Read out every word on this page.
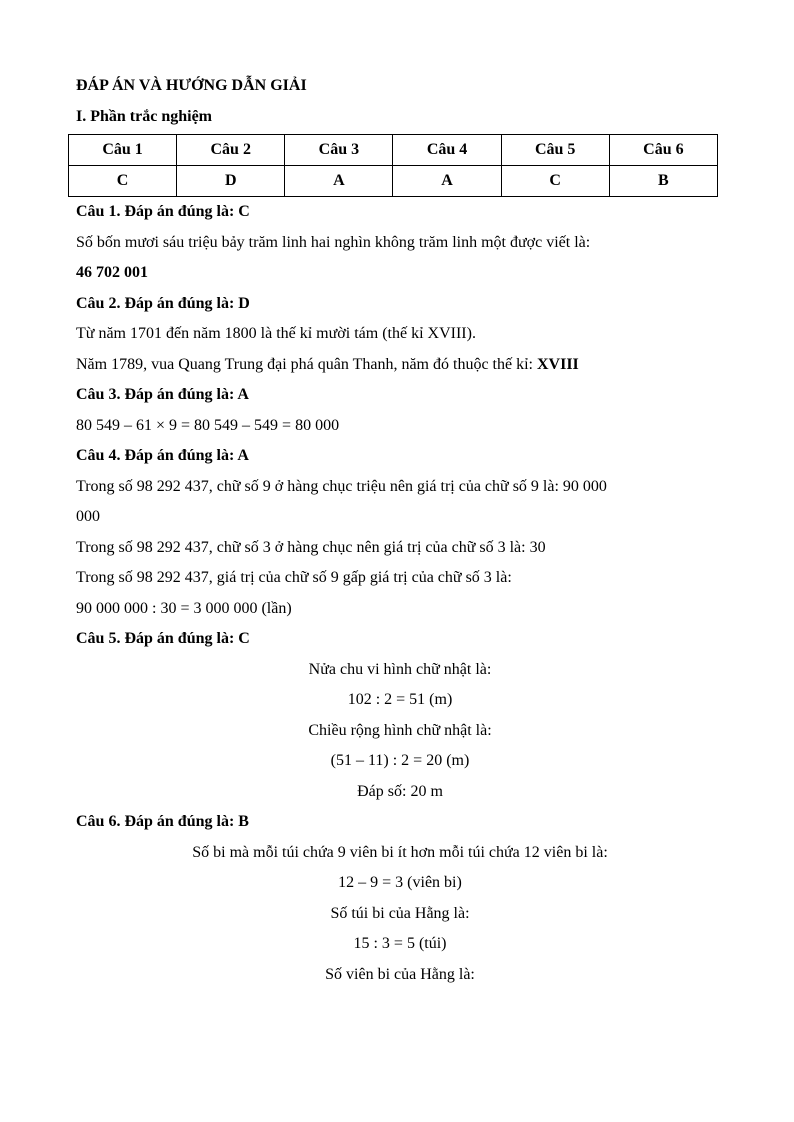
ĐÁP ÁN VÀ HƯỚNG DẪN GIẢI
I. Phần trắc nghiệm
Câu 1	Câu 2	Câu 3	Câu 4	Câu 5	Câu 6
C	D	A	A	C	B
Câu 1. Đáp án đúng là: C
Số bốn mươi sáu triệu bảy trăm linh hai nghìn không trăm linh một được viết là:
46 702 001
Câu 2. Đáp án đúng là: D
Từ năm 1701 đến năm 1800 là thế kỉ mười tám (thế kỉ XVIII).
Năm 1789, vua Quang Trung đại phá quân Thanh, năm đó thuộc thế kỉ: XVIII
Câu 3. Đáp án đúng là: A
80 549 – 61 × 9 = 80 549 – 549 = 80 000
Câu 4. Đáp án đúng là: A
Trong số 98 292 437, chữ số 9 ở hàng chục triệu nên giá trị của chữ số 9 là: 90 000
000
Trong số 98 292 437, chữ số 3 ở hàng chục nên giá trị của chữ số 3 là: 30
Trong số 98 292 437, giá trị của chữ số 9 gấp giá trị của chữ số 3 là:
90 000 000 : 30 = 3 000 000 (lần)
Câu 5. Đáp án đúng là: C
Nửa chu vi hình chữ nhật là:
102 : 2 = 51 (m)
Chiều rộng hình chữ nhật là:
(51 – 11) : 2 = 20 (m)
Đáp số: 20 m
Câu 6. Đáp án đúng là: B
Số bi mà mỗi túi chứa 9 viên bi ít hơn mỗi túi chứa 12 viên bi là:
12 – 9 = 3 (viên bi)
Số túi bi của Hằng là:
15 : 3 = 5 (túi)
Số viên bi của Hằng là:
